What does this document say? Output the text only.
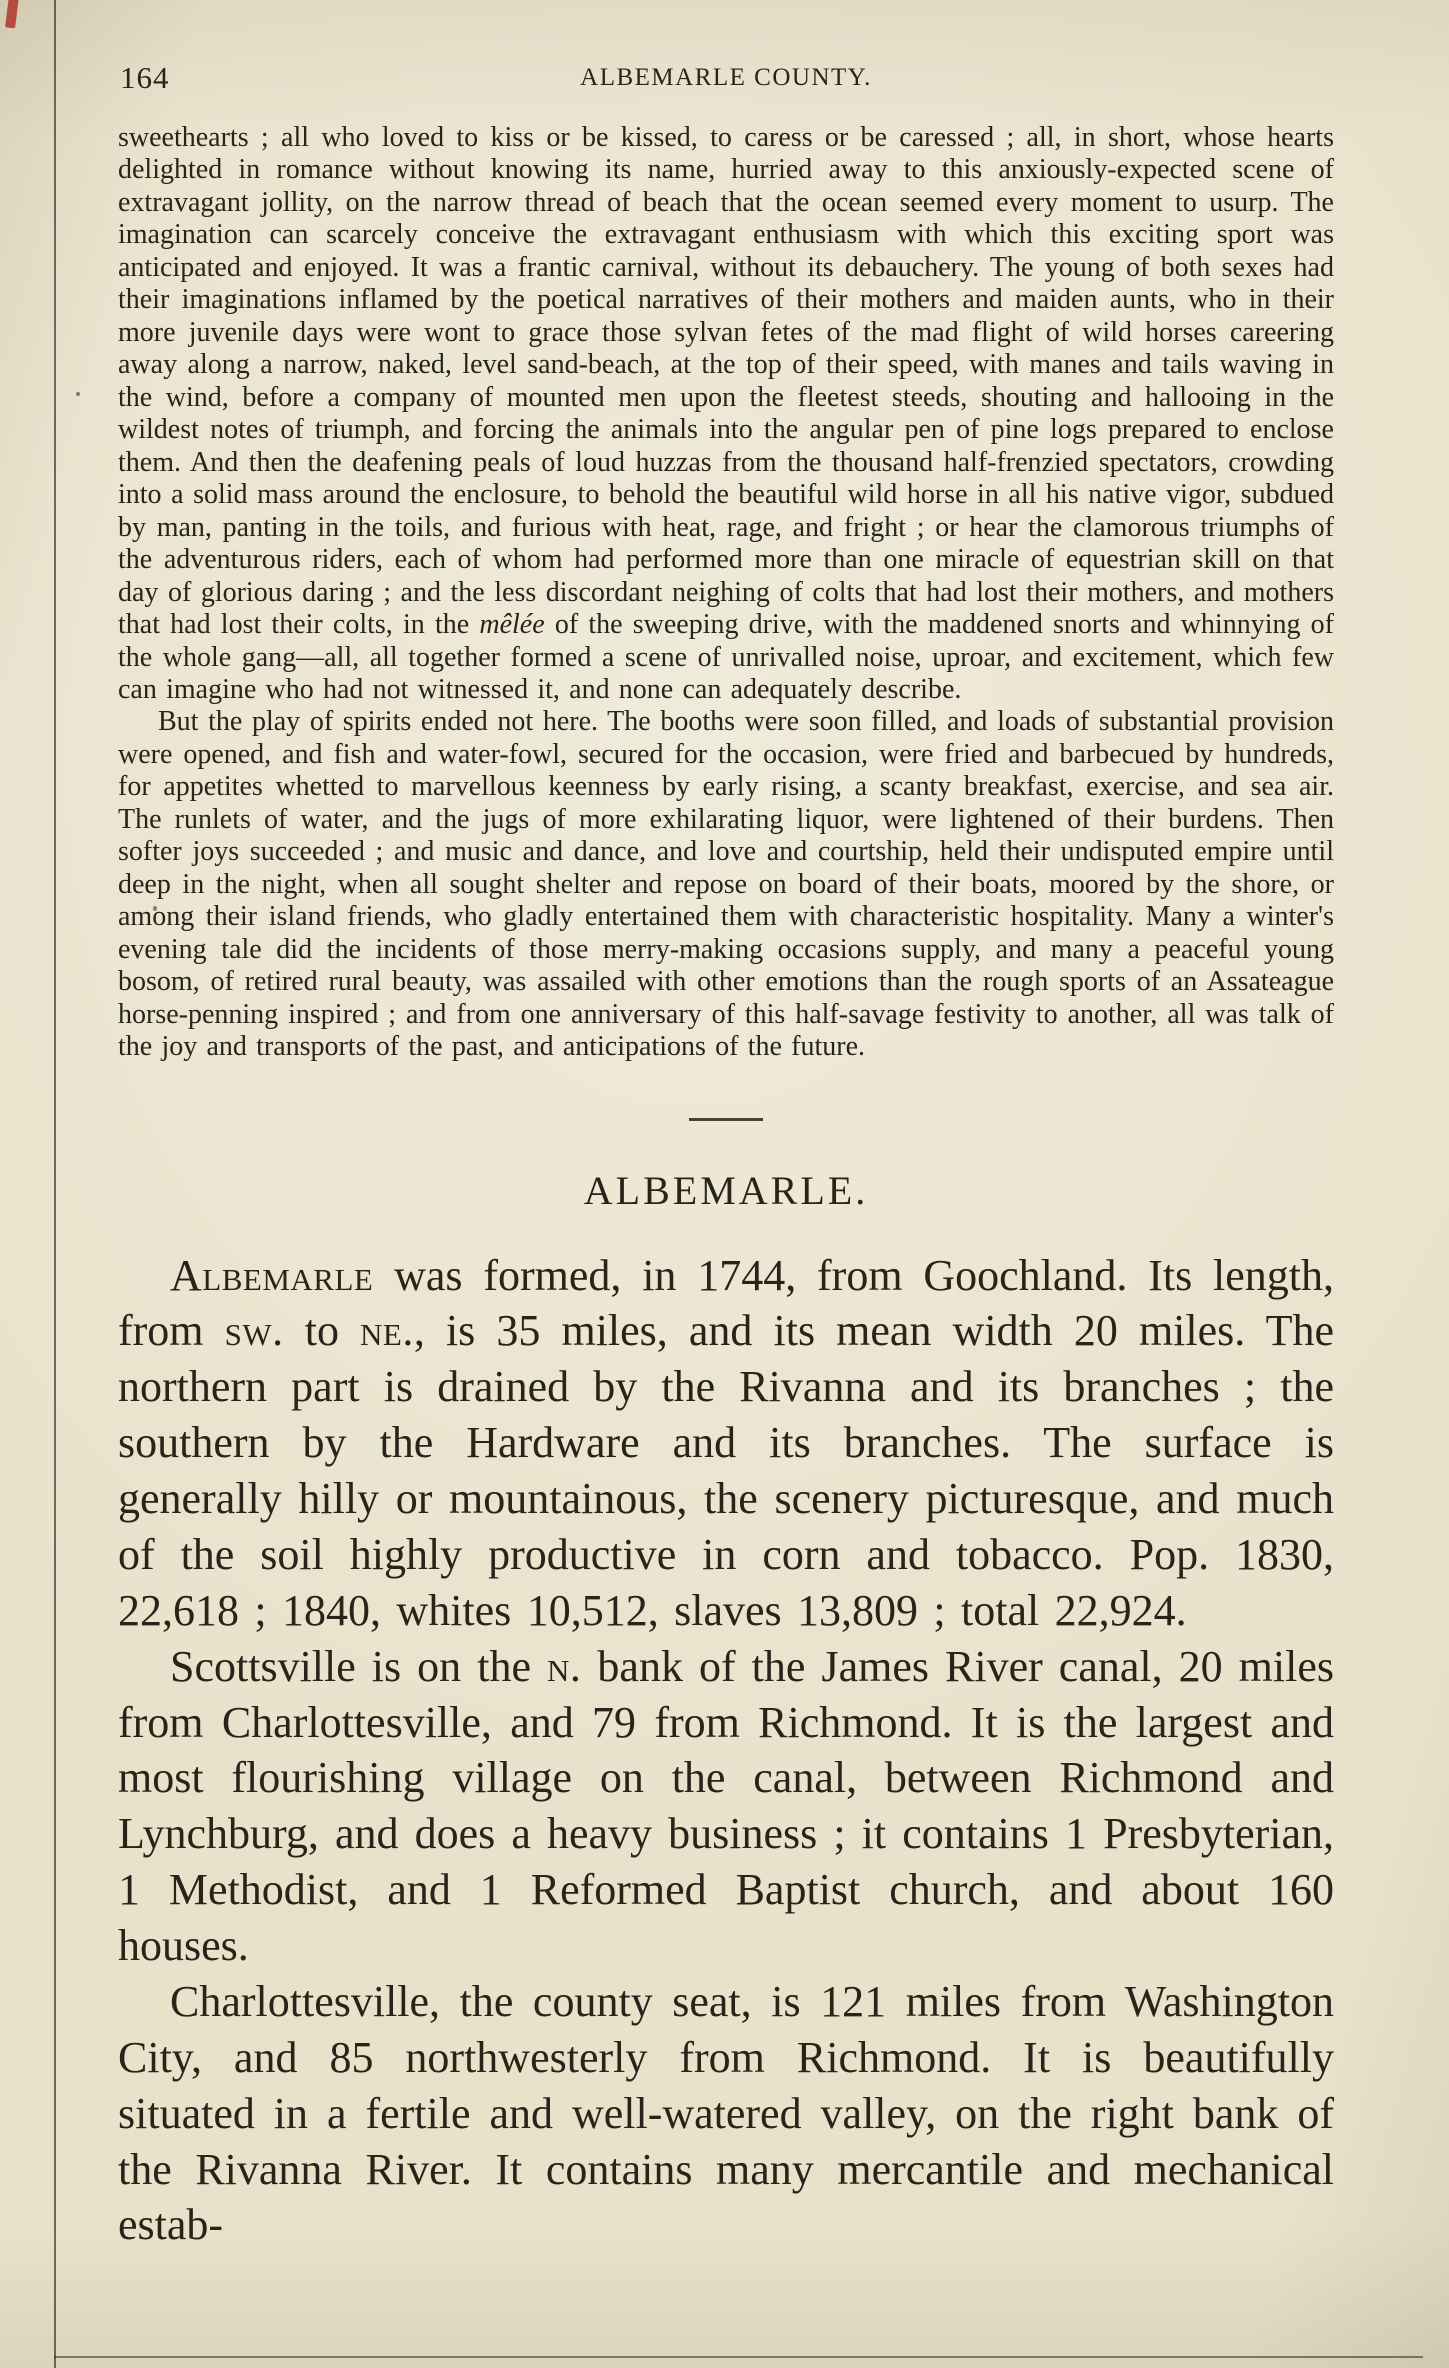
164	ALBEMARLE COUNTY.

sweethearts ; all who loved to kiss or be kissed, to caress or be caressed ; all, in short, whose hearts delighted in romance without knowing its name, hurried away to this anxiously-expected scene of extravagant jollity, on the narrow thread of beach that the ocean seemed every moment to usurp. The imagination can scarcely conceive the extravagant enthusiasm with which this exciting sport was anticipated and enjoyed. It was a frantic carnival, without its debauchery. The young of both sexes had their imaginations inflamed by the poetical narratives of their mothers and maiden aunts, who in their more juvenile days were wont to grace those sylvan fetes of the mad flight of wild horses careering away along a narrow, naked, level sand-beach, at the top of their speed, with manes and tails waving in the wind, before a company of mounted men upon the fleetest steeds, shouting and hallooing in the wildest notes of triumph, and forcing the animals into the angular pen of pine logs prepared to enclose them. And then the deafening peals of loud huzzas from the thousand half-frenzied spectators, crowding into a solid mass around the enclosure, to behold the beautiful wild horse in all his native vigor, subdued by man, panting in the toils, and furious with heat, rage, and fright ; or hear the clamorous triumphs of the adventurous riders, each of whom had performed more than one miracle of equestrian skill on that day of glorious daring ; and the less discordant neighing of colts that had lost their mothers, and mothers that had lost their colts, in the mêlée of the sweeping drive, with the maddened snorts and whinnying of the whole gang—all, all together formed a scene of unrivalled noise, uproar, and excitement, which few can imagine who had not witnessed it, and none can adequately describe.

But the play of spirits ended not here. The booths were soon filled, and loads of substantial provision were opened, and fish and water-fowl, secured for the occasion, were fried and barbecued by hundreds, for appetites whetted to marvellous keenness by early rising, a scanty breakfast, exercise, and sea air. The runlets of water, and the jugs of more exhilarating liquor, were lightened of their burdens. Then softer joys succeeded ; and music and dance, and love and courtship, held their undisputed empire until deep in the night, when all sought shelter and repose on board of their boats, moored by the shore, or among their island friends, who gladly entertained them with characteristic hospitality. Many a winter's evening tale did the incidents of those merry-making occasions supply, and many a peaceful young bosom, of retired rural beauty, was assailed with other emotions than the rough sports of an Assateague horse-penning inspired ; and from one anniversary of this half-savage festivity to another, all was talk of the joy and transports of the past, and anticipations of the future.

ALBEMARLE.

Albemarle was formed, in 1744, from Goochland. Its length, from sw. to ne., is 35 miles, and its mean width 20 miles. The northern part is drained by the Rivanna and its branches ; the southern by the Hardware and its branches. The surface is generally hilly or mountainous, the scenery picturesque, and much of the soil highly productive in corn and tobacco. Pop. 1830, 22,618 ; 1840, whites 10,512, slaves 13,809 ; total 22,924.

Scottsville is on the n. bank of the James River canal, 20 miles from Charlottesville, and 79 from Richmond. It is the largest and most flourishing village on the canal, between Richmond and Lynchburg, and does a heavy business ; it contains 1 Presbyterian, 1 Methodist, and 1 Reformed Baptist church, and about 160 houses.

Charlottesville, the county seat, is 121 miles from Washington City, and 85 northwesterly from Richmond. It is beautifully situated in a fertile and well-watered valley, on the right bank of the Rivanna River. It contains many mercantile and mechanical estab-
